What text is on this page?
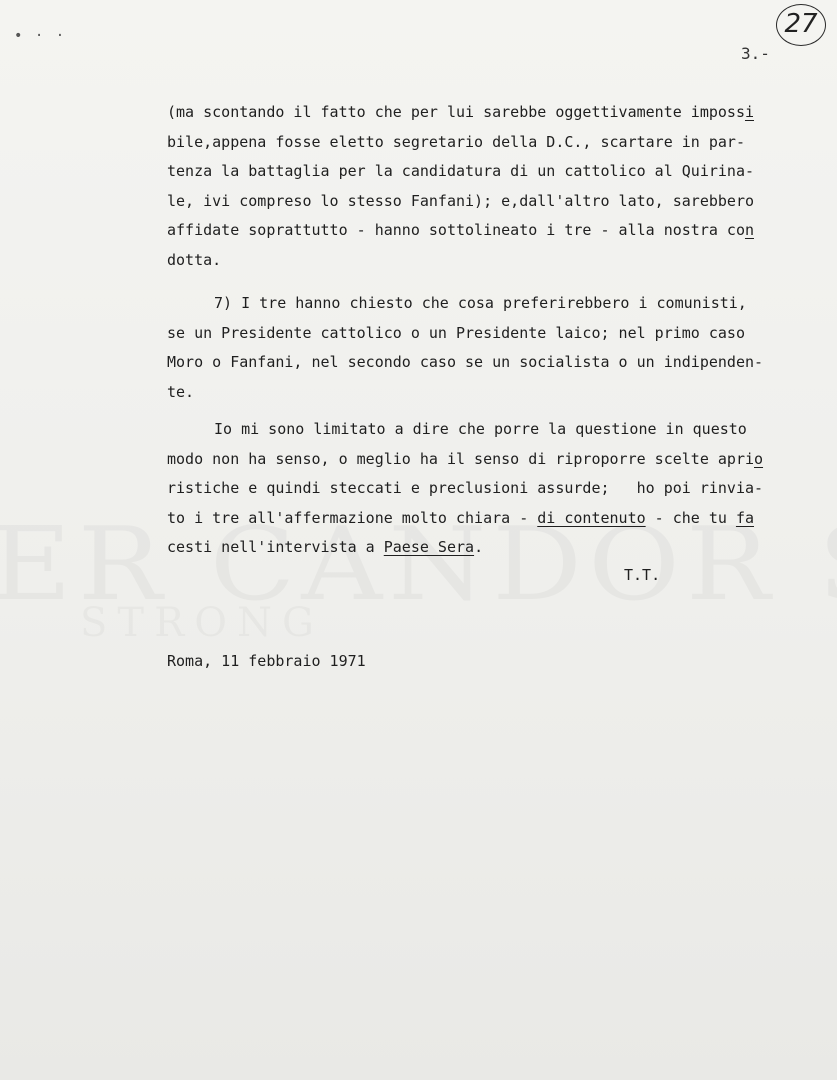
• · ·	27
3.-
(ma scontando il fatto che per lui sarebbe oggettivamente impossi
bile,appena fosse eletto segretario della D.C., scartare in par-
tenza la battaglia per la candidatura di un cattolico al Quirina-
le, ivi compreso lo stesso Fanfani); e,dall'altro lato, sarebbero
affidate soprattutto - hanno sottolineato i tre - alla nostra con
dotta.
7) I tre hanno chiesto che cosa preferirebbero i comunisti,
se un Presidente cattolico o un Presidente laico; nel primo caso
Moro o Fanfani, nel secondo caso se un socialista o un indipenden-
te.
Io mi sono limitato a dire che porre la questione in questo
modo non ha senso, o meglio ha il senso di riproporre scelte aprio
ristiche e quindi steccati e preclusioni assurde;   ho poi rinvia-
to i tre all'affermazione molto chiara - di contenuto - che tu fa
cesti nell'intervista a Paese Sera.
T.T.
Roma, 11 febbraio 1971
